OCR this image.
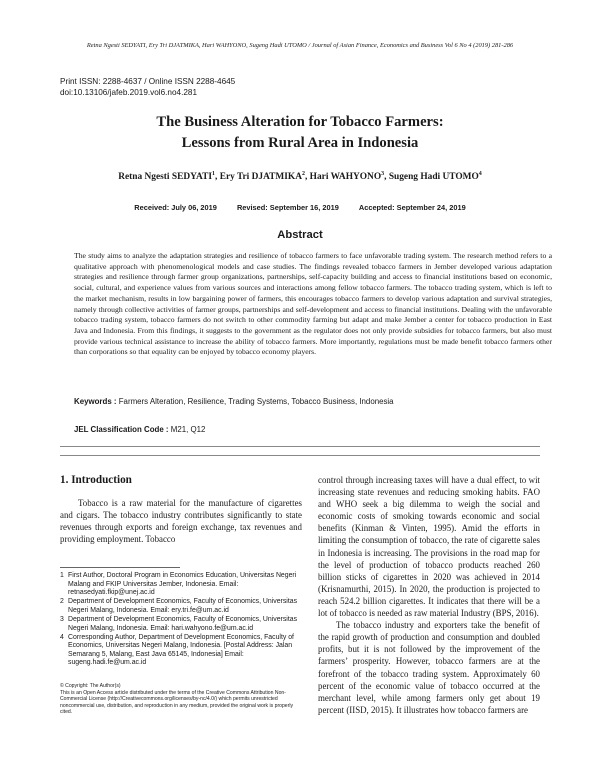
Retna Ngesti SEDYATI, Ery Tri DJATMIKA, Hari WAHYONO, Sugeng Hadi UTOMO / Journal of Asian Finance, Economics and Business Vol 6 No 4 (2019) 281-286
Print ISSN: 2288-4637 / Online ISSN 2288-4645
doi:10.13106/jafeb.2019.vol6.no4.281
The Business Alteration for Tobacco Farmers:
Lessons from Rural Area in Indonesia
Retna Ngesti SEDYATI$^1$, Ery Tri DJATMIKA$^2$, Hari WAHYONO$^3$, Sugeng Hadi UTOMO$^4$
Received: July 06, 2019	Revised: September 16, 2019	Accepted: September 24, 2019
Abstract
The study aims to analyze the adaptation strategies and resilience of tobacco farmers to face unfavorable trading system. The research method refers to a qualitative approach with phenomenological models and case studies. The findings revealed tobacco farmers in Jember developed various adaptation strategies and resilience through farmer group organizations, partnerships, self-capacity building and access to financial institutions based on economic, social, cultural, and experience values from various sources and interactions among fellow tobacco farmers. The tobacco trading system, which is left to the market mechanism, results in low bargaining power of farmers, this encourages tobacco farmers to develop various adaptation and survival strategies, namely through collective activities of farmer groups, partnerships and self-development and access to financial institutions. Dealing with the unfavorable tobacco trading system, tobacco farmers do not switch to other commodity farming but adapt and make Jember a center for tobacco production in East Java and Indonesia. From this findings, it suggests to the government as the regulator does not only provide subsidies for tobacco farmers, but also must provide various technical assistance to increase the ability of tobacco farmers. More importantly, regulations must be made benefit tobacco farmers other than corporations so that equality can be enjoyed by tobacco economy players.
Keywords : Farmers Alteration, Resilience, Trading Systems, Tobacco Business, Indonesia
JEL Classification Code : M21, Q12
1. Introduction

Tobacco is a raw material for the manufacture of cigarettes and cigars. The tobacco industry contributes significantly to state revenues through exports and foreign exchange, tax revenues and providing employment. Tobacco

1 First Author, Doctoral Program in Economics Education, Universitas Negeri Malang and FKIP Universitas Jember, Indonesia. Email: retnasedyati.fkip@unej.ac.id
2 Department of Development Economics, Faculty of Economics, Universitas Negeri Malang, Indonesia. Email: ery.tri.fe@um.ac.id
3 Department of Development Economics, Faculty of Economics, Universitas Negeri Malang, Indonesia. Email: hari.wahyono.fe@um.ac.id
4 Corresponding Author, Department of Development Economics, Faculty of Economics, Universitas Negeri Malang, Indonesia. [Postal Address: Jalan Semarang 5, Malang, East Java 65145, Indonesia] Email: sugeng.hadi.fe@um.ac.id
© Copyright: The Author(s)
This is an Open Access article distributed under the terms of the Creative Commons Attribution Non-Commercial License (http://Creativecommons.org/licenses/by-nc/4.0/) which permits unrestricted noncommercial use, distribution, and reproduction in any medium, provided the original work is properly cited.

control through increasing taxes will have a dual effect, to wit increasing state revenues and reducing smoking habits. FAO and WHO seek a big dilemma to weigh the social and economic costs of smoking towards economic and social benefits (Kinman & Vinten, 1995). Amid the efforts in limiting the consumption of tobacco, the rate of cigarette sales in Indonesia is increasing. The provisions in the road map for the level of production of tobacco products reached 260 billion sticks of cigarettes in 2020 was achieved in 2014 (Krisnamurthi, 2015). In 2020, the production is projected to reach 524.2 billion cigarettes. It indicates that there will be a lot of tobacco is needed as raw material Industry (BPS, 2016).

The tobacco industry and exporters take the benefit of the rapid growth of production and consumption and doubled profits, but it is not followed by the improvement of the farmers’ prosperity. However, tobacco farmers are at the forefront of the tobacco trading system. Approximately 60 percent of the economic value of tobacco occurred at the merchant level, while among farmers only get about 19 percent (IISD, 2015). It illustrates how tobacco farmers are
